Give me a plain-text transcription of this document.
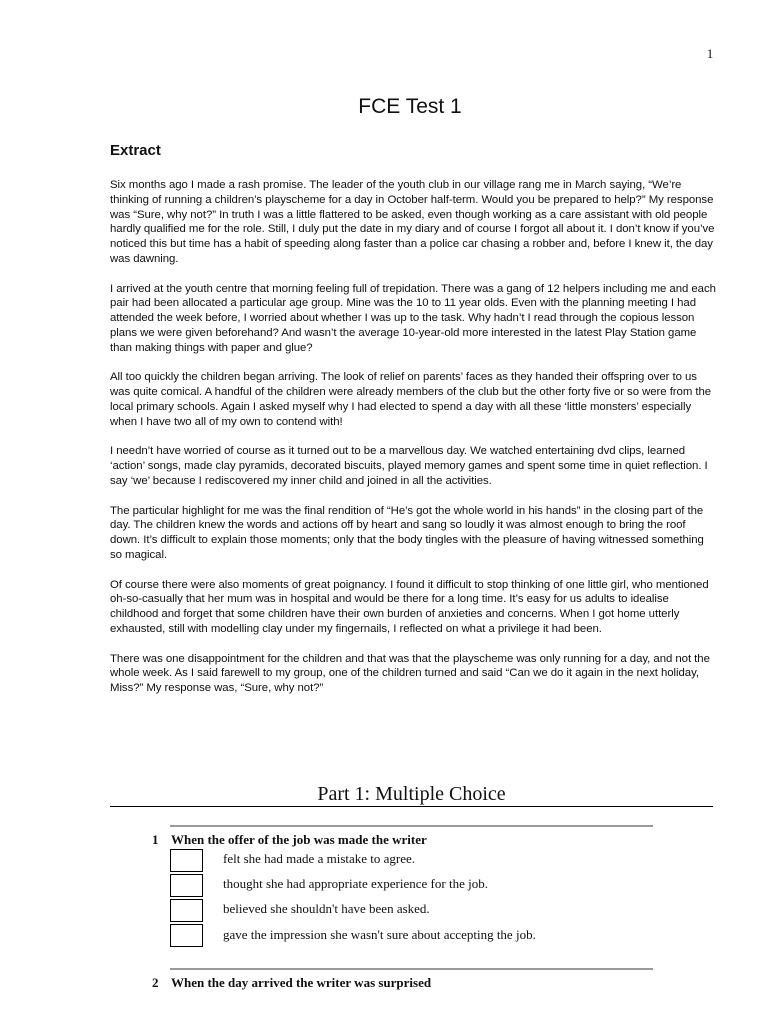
1
FCE Test 1
Extract

Six months ago I made a rash promise. The leader of the youth club in our village rang me in March saying, “We’re thinking of running a children’s playscheme for a day in October half-term. Would you be prepared to help?” My response was “Sure, why not?” In truth I was a little flattered to be asked, even though working as a care assistant with old people hardly qualified me for the role. Still, I duly put the date in my diary and of course I forgot all about it. I don’t know if you’ve noticed this but time has a habit of speeding along faster than a police car chasing a robber and, before I knew it, the day was dawning.

I arrived at the youth centre that morning feeling full of trepidation. There was a gang of 12 helpers including me and each pair had been allocated a particular age group. Mine was the 10 to 11 year olds. Even with the planning meeting I had attended the week before, I worried about whether I was up to the task. Why hadn’t I read through the copious lesson plans we were given beforehand? And wasn’t the average 10-year-old more interested in the latest Play Station game than making things with paper and glue?

All too quickly the children began arriving. The look of relief on parents’ faces as they handed their offspring over to us was quite comical. A handful of the children were already members of the club but the other forty five or so were from the local primary schools. Again I asked myself why I had elected to spend a day with all these ‘little monsters’ especially when I have two all of my own to contend with!

I needn’t have worried of course as it turned out to be a marvellous day. We watched entertaining dvd clips, learned ‘action’ songs, made clay pyramids, decorated biscuits, played memory games and spent some time in quiet reflection. I say ‘we’ because I rediscovered my inner child and joined in all the activities.

The particular highlight for me was the final rendition of “He’s got the whole world in his hands” in the closing part of the day. The children knew the words and actions off by heart and sang so loudly it was almost enough to bring the roof down. It’s difficult to explain those moments; only that the body tingles with the pleasure of having witnessed something so magical.

Of course there were also moments of great poignancy. I found it difficult to stop thinking of one little girl, who mentioned oh-so-casually that her mum was in hospital and would be there for a long time. It’s easy for us adults to idealise childhood and forget that some children have their own burden of anxieties and concerns. When I got home utterly exhausted, still with modelling clay under my fingernails, I reflected on what a privilege it had been.

There was one disappointment for the children and that was that the playscheme was only running for a day, and not the whole week. As I said farewell to my group, one of the children turned and said “Can we do it again in the next holiday, Miss?” My response was, “Sure, why not?”

Part 1: Multiple Choice
1 When the offer of the job was made the writer
felt she had made a mistake to agree.
thought she had appropriate experience for the job.
believed she shouldn't have been asked.
gave the impression she wasn't sure about accepting the job.
2 When the day arrived the writer was surprised
